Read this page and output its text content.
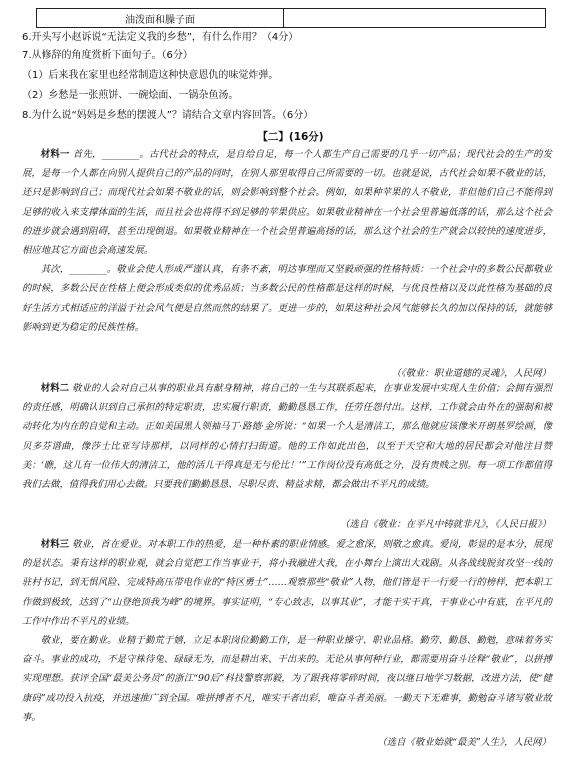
油泼面和臊子面
6.开头写小赵诉说“无法定义我的乡愁”，有什么作用？（4分）
7.从修辞的角度赏析下面句子。（6分）
（1）后来我在家里也经常制造这种快意恩仇的味觉炸弹。
（2）乡愁是一张煎饼、一碗烩面、一锅杂鱼汤。
8.为什么说“妈妈是乡愁的摆渡人”？请结合文章内容回答。（6分）
【二】(16分)

材料一 首先，________。古代社会的特点，是自给自足，每一个人都生产自己需要的几乎一切产品；现代社会的生产的发展，是每一个人都在向别人提供自己的产品的同时，在别人那里取得自己所需要的一切。也就是说，古代社会如果不敬业的话，还只是影响到自己；而现代社会如果不敬业的话，则会影响到整个社会。例如，如果种苹果的人不敬业，非但他们自己不能得到足够的收入来支撑体面的生活，而且社会也将得不到足够的苹果供应。如果敬业精神在一个社会里普遍低落的话，那么这个社会的进步就会遇到阻碍，甚至出现倒退。如果敬业精神在一个社会里普遍高扬的话，那么这个社会的生产就会以较快的速度进步，相应地其它方面也会高速发展。

其次，________。敬业会使人形成严谨认真，有条不紊，明达事理而又坚毅顽强的性格特质：一个社会中的多数公民都敬业的时候，多数公民在性格上便会形成类似的优秀品质；当多数公民的性格都是这样的时候，与优良性格以及以此性格为基础的良好生活方式相适应的洋溢于社会风气便是自然而然的结果了。更进一步的，如果这种社会风气能够长久的加以保持的话，就能够影响到更为稳定的民族性格。

（《敬业：职业道德的灵魂》，人民网）

材料二 敬业的人会对自己从事的职业具有献身精神，将自己的一生与其联系起来，在事业发展中实现人生价值；会拥有强烈的责任感，明确认识到自己承担的特定职责，忠实履行职责，勤勤恳恳工作，任劳任怨付出。这样，工作就会由外在的强制和被动转化为内在的自觉和主动。正如美国黑人领袖马丁·路德·金所说：“如果一个人是清洁工，那么他就应该像米开朗基罗绘画，像贝多芬谱曲，像莎士比亚写诗那样，以同样的心情打扫街道。他的工作如此出色，以至于天空和大地的居民都会对他注目赞美：‘瞧，这儿有一位伟大的清洁工，他的活儿干得真是无与伦比！’”工作岗位没有高低之分，没有贵贱之别。每一项工作都值得我们去做，值得我们用心去做。只要我们勤勤恳恳、尽职尽责、精益求精，都会做出不平凡的成绩。

（选自《敬业：在平凡中铸就非凡》，《人民日报》）

材料三 敬业，首在爱业。对本职工作的热爱，是一种朴素的职业情感。爱之愈深，则敬之愈真。爱岗，彰显的是本分，展现的是状态。秉有这样的职业观，就会自觉把工作当事业干，将小我融进大我，在小舞台上演出大戏剧。从各战线脱贫攻坚一线的驻村书记，到无惧风险、完成特高压带电作业的“特区勇士”……观察那些“敬业”人物，他们皆是干一行爱一行的榜样，把本职工作做到极致，达到了“山登绝顶我为峰”的境界。事实证明，“专心致志，以事其业”，才能干实干真，干事业心中有底，在平凡的工作中作出不平凡的业绩。

敬业，要在勤业。业精于勤荒于嬉，立足本职岗位勤勤工作，是一种职业操守、职业品格。勤劳、勤恳、勤勉，意味着务实奋斗。事业的成功，不是守株待兔、碌碌无为，而是耕出来、干出来的。无论从事何种行业，都需要用奋斗诠释“敬业”，以拼搏实现理想。获评全国“最美公务员”的浙江“90后”科技警察郭毅，为了跟我将零碎时间，夜以继日地学习数据，改进方法，使“健康码”成功投入抗疫，并迅速推广到全国。唯拼搏者不凡，唯实干者出彩，唯奋斗者美丽。一勤天下无难事，勤勉奋斗诸写敬业故事。

（选自《敬业始就“最美”人生》，人民网）
